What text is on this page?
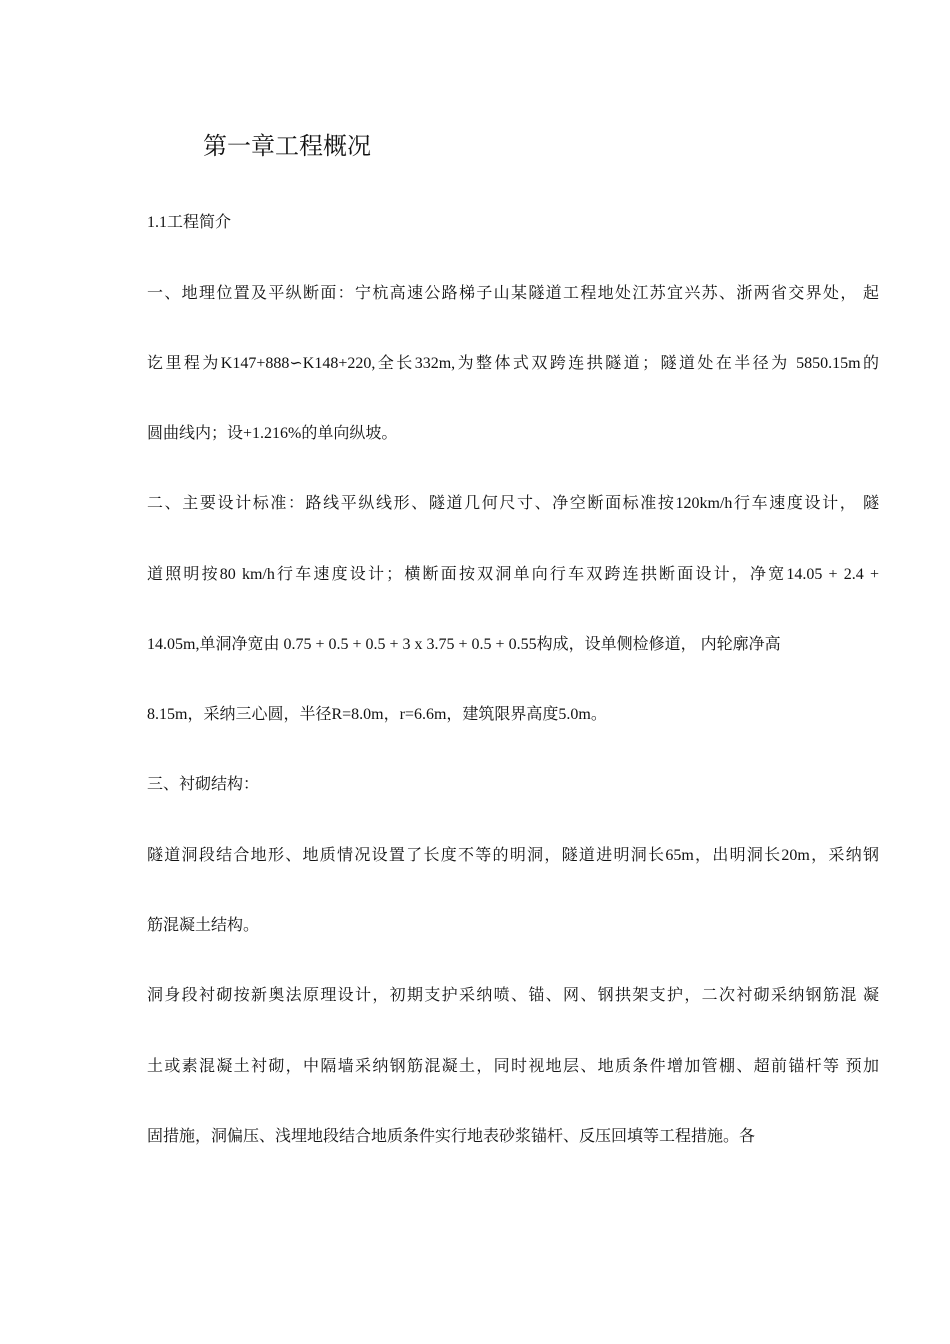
第一章工程概况
1.1工程简介
一、地理位置及平纵断面：宁杭高速公路梯子山某隧道工程地处江苏宜兴苏、浙两省交界处， 起
讫里程为K147+888∽K148+220,全长332m,为整体式双跨连拱隧道；隧道处在半径为 5850.15m的
圆曲线内；设+1.216%的单向纵坡。
二、主要设计标准：路线平纵线形、隧道几何尺寸、净空断面标准按120km/h行车速度设计， 隧
道照明按80 km/h行车速度设计；横断面按双洞单向行车双跨连拱断面设计，净宽14.05 + 2.4 +
14.05m,单洞净宽由 0.75 + 0.5 + 0.5 + 3 x 3.75 + 0.5 + 0.55构成，设单侧检修道， 内轮廓净高
8.15m，采纳三心圆，半径R=8.0m，r=6.6m，建筑限界高度5.0m。
三、衬砌结构：
隧道洞段结合地形、地质情况设置了长度不等的明洞，隧道进明洞长65m，出明洞长20m，采纳钢
筋混凝土结构。
洞身段衬砌按新奥法原理设计，初期支护采纳喷、锚、网、钢拱架支护，二次衬砌采纳钢筋混 凝
土或素混凝土衬砌，中隔墙采纳钢筋混凝土，同时视地层、地质条件增加管棚、超前锚杆等 预加
固措施，洞偏压、浅埋地段结合地质条件实行地表砂浆锚杆、反压回填等工程措施。各
